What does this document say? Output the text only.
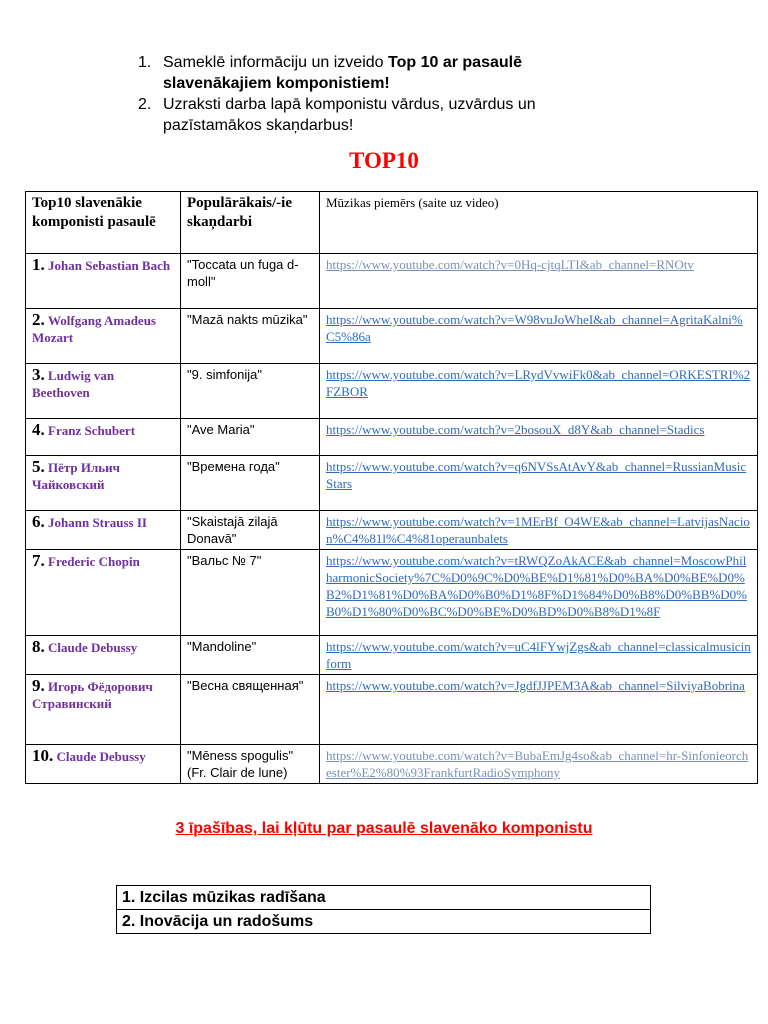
1. Sameklē informāciju un izveido Top 10 ar pasaulē slavenākajiem komponistiem!
2. Uzraksti darba lapā komponistu vārdus, uzvārdus un pazīstamākos skaņdarbus!
TOP10
Top10 slavenākie komponisti pasaulē	Populārākais/-ie skaņdarbi	Mūzikas piemērs (saite uz video)
1. Johan Sebastian Bach	"Toccata un fuga d-moll"	https://www.youtube.com/watch?v=0Hq-cjtqLTI&ab_channel=RNOtv
2. Wolfgang Amadeus Mozart	"Mazā nakts mūzika"	https://www.youtube.com/watch?v=W98vuJoWheI&ab_channel=AgritaKalni%C5%86a
3. Ludwig van Beethoven	"9. simfonija"	https://www.youtube.com/watch?v=LRydVvwiFk0&ab_channel=ORKESTRI%2FZBOR
4. Franz Schubert	"Ave Maria"	https://www.youtube.com/watch?v=2bosouX_d8Y&ab_channel=Stadics
5. Пётр Ильич Чайковский	"Времена года"	https://www.youtube.com/watch?v=q6NVSsAtAvY&ab_channel=RussianMusicStars
6. Johann Strauss II	"Skaistajā zilajā Donavā"	https://www.youtube.com/watch?v=1MErBf_O4WE&ab_channel=LatvijasNacion%C4%81l%C4%81operaunbalets
7. Frederic Chopin	"Вальс № 7"	https://www.youtube.com/watch?v=tRWQZoAkACE&ab_channel=MoscowPhilharmonicSociety%7C%D0%9C%D0%BE%D1%81%D0%BA%D0%BE%D0%B2%D1%81%D0%BA%D0%B0%D1%8F%D1%84%D0%B8%D0%BB%D0%B0%D1%80%D0%BC%D0%BE%D0%BD%D0%B8%D1%8F
8. Claude Debussy	"Mandoline"	https://www.youtube.com/watch?v=uC4lFYwjZgs&ab_channel=classicalmusicinform
9. Игорь Фёдорович Стравинский	"Весна священная"	https://www.youtube.com/watch?v=JgdfJJPEM3A&ab_channel=SilviyaBobrina
10. Claude Debussy	"Mēness spogulis" (Fr. Clair de lune)	https://www.youtube.com/watch?v=BubaEmJg4so&ab_channel=hr-Sinfonieorchester%E2%80%93FrankfurtRadioSymphony
3 īpašības, lai kļūtu par pasaulē slavenāko komponistu
1. Izcilas mūzikas radīšana
2. Inovācija un radošums
